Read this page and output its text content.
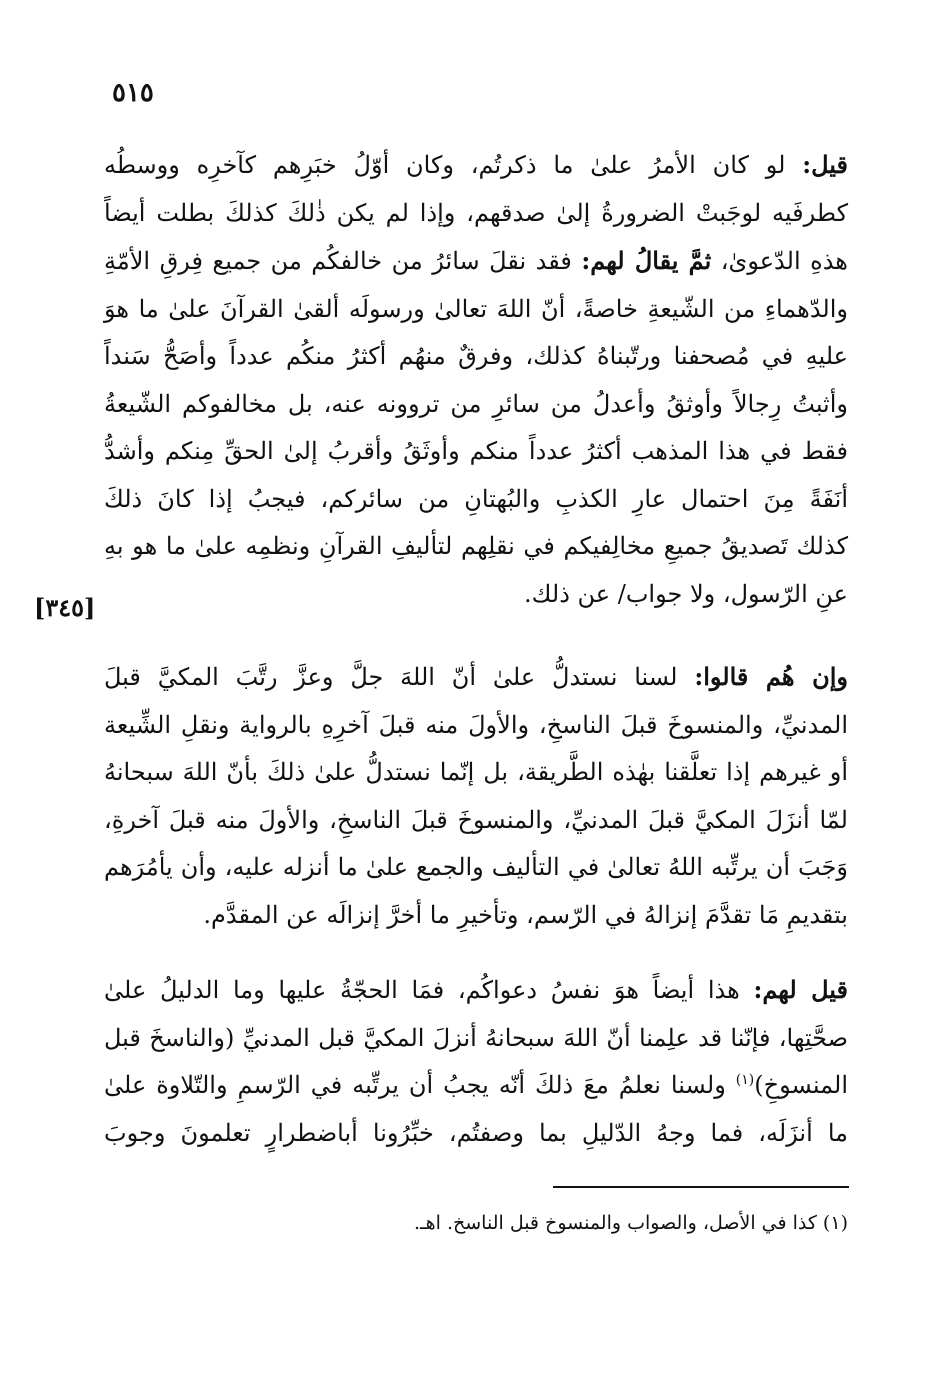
٥١٥
قيل: لو كان الأمرُ علىٰ ما ذكرتُم، وكان أوّلُ خبَرِهم كآخرِه ووسطُه
كطرفَيه لوجَبتْ الضرورةُ إلىٰ صدقهم، وإذا لم يكن ذٰلكَ كذلكَ بطلت أيضاً
هذهِ الدّعوىٰ، ثمَّ يقالُ لهم: فقد نقلَ سائرُ من خالفكُم من جميع فِرقِ الأمّةِ
والدّهماءِ من الشّيعةِ خاصةً، أنّ اللهَ تعالىٰ ورسولَه ألقىٰ القرآنَ علىٰ ما هوَ
عليهِ في مُصحفنا ورتّبناهُ كذلك، وفرقٌ منهُم أكثرُ منكُم عدداً وأصَحُّ سَنداً
وأثبتُ رِجالاً وأوثقُ وأعدلُ من سائرِ من تروونه عنه، بل مخالفوكم الشّيعةُ
فقط في هذا المذهب أكثرُ عدداً منكم وأوثَقُ وأقربُ إلىٰ الحقِّ مِنكم وأشدُّ
أنَفَةً مِنَ احتمال عارِ الكذبِ والبُهتانِ من سائركم، فيجبُ إذا كانَ ذلكَ
كذلك تَصديقُ جميعِ مخالِفيكم في نقلِهم لتأليفِ القرآنِ ونظمِه علىٰ ما هو بهِ
عنِ الرّسول، ولا جواب/ عن ذلك.
[٣٤٥]
وإن هُم قالوا: لسنا نستدلُّ علىٰ أنّ اللهَ جلَّ وعزَّ رتَّبَ المكيَّ قبلَ
المدنيِّ، والمنسوخَ قبلَ الناسخِ، والأولَ منه قبلَ آخرِهِ بالرواية ونقلِ الشِّيعة
أو غيرهم إذا تعلَّقنا بهٰذه الطَّريقة، بل إنّما نستدلُّ علىٰ ذلكَ بأنّ اللهَ سبحانهُ
لمّا أنزَلَ المكيَّ قبلَ المدنيِّ، والمنسوخَ قبلَ الناسخِ، والأولَ منه قبلَ آخرةِ،
وَجَبَ أن يرتِّبه اللهُ تعالىٰ في التأليف والجمع علىٰ ما أنزله عليه، وأن يأمُرَهم
بتقديمِ مَا تقدَّمَ إنزالهُ في الرّسم، وتأخيرِ ما أخرَّ إنزالَه عن المقدَّم.
قيل لهم: هذا أيضاً هوَ نفسُ دعواكُم، فمَا الحجّةُ عليها وما الدليلُ علىٰ
صحَّتِها، فإنّنا قد علِمنا أنّ اللهَ سبحانهُ أنزلَ المكيَّ قبل المدنيِّ (والناسخَ قبل
المنسوخِ)$^{(١)}$ ولسنا نعلمُ معَ ذلكَ أنّه يجبُ أن يرتِّبه في الرّسمِ والتّلاوة علىٰ
ما أنزَلَه، فما وجهُ الدّليلِ بما وصفتُم، خبِّرُونا أباضطرارٍ تعلمونَ وجوبَ
(١) كذا في الأصل، والصواب والمنسوخ قبل الناسخ. اهـ.
